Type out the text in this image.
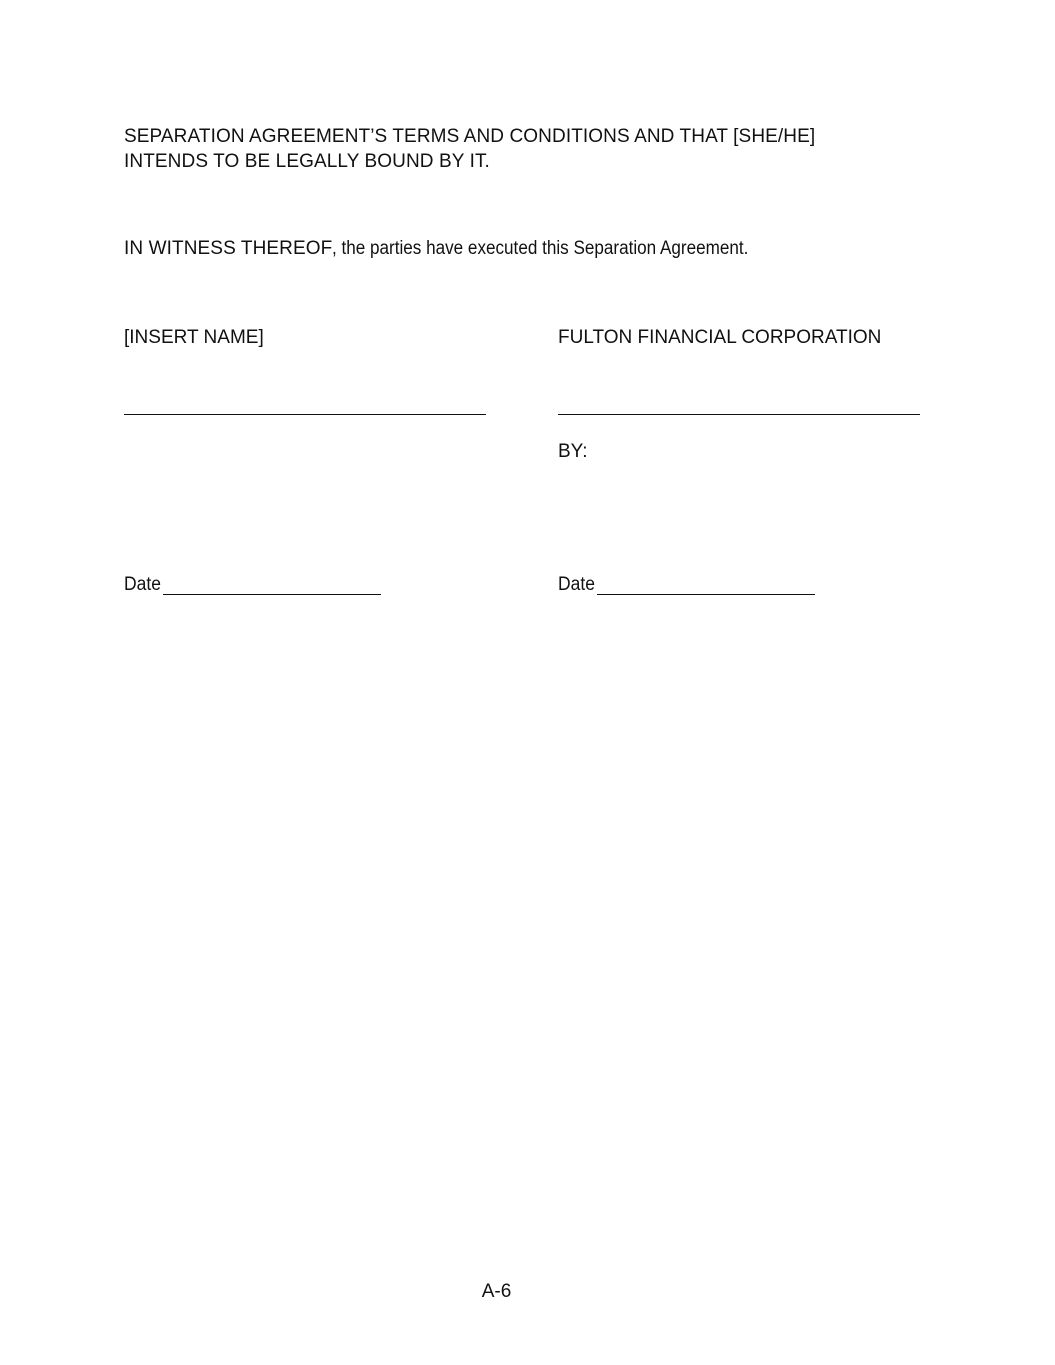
SEPARATION AGREEMENT’S TERMS AND CONDITIONS AND THAT [SHE/HE]
INTENDS TO BE LEGALLY BOUND BY IT.
IN WITNESS THEREOF, the parties have executed this Separation Agreement.
[INSERT NAME]	FULTON FINANCIAL CORPORATION
BY:
Date	Date
A-6
